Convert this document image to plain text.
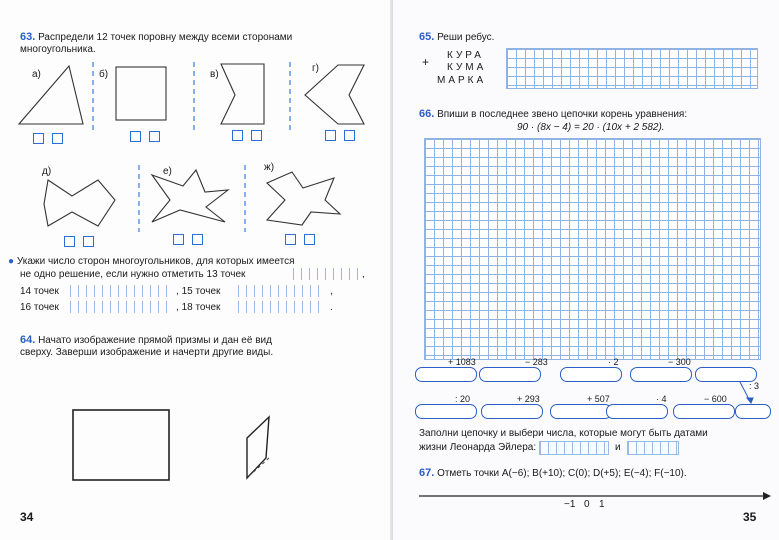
63. Распредели 12 точек поровну между всеми сторонами
многоугольника.
а)	б)	в)
г)
д)	е)	ж)
● Укажи число сторон многоугольников, для которых имеется
не одно решение, если нужно отметить 13 точек	,
14 точек	, 15 точек	,
16 точек	, 18 точек	.
64. Начато изображение прямой призмы и дан её вид
сверху. Заверши изображение и начерти другие виды.
34
65. Реши ребус.
+ КУРА
КУМА
МАРКА
66. Впиши в последнее звено цепочки корень уравнения:
90 · (8x − 4) = 20 · (10x + 2 582).
+ 1083	− 283	· 2	− 300
: 3
: 20	+ 293	+ 507	· 4	− 600
Заполни цепочку и выбери числа, которые могут быть датами
жизни Леонарда Эйлера:	и
67. Отметь точки A(−6); B(+10); C(0); D(+5); E(−4); F(−10).
−1 0 1
35
